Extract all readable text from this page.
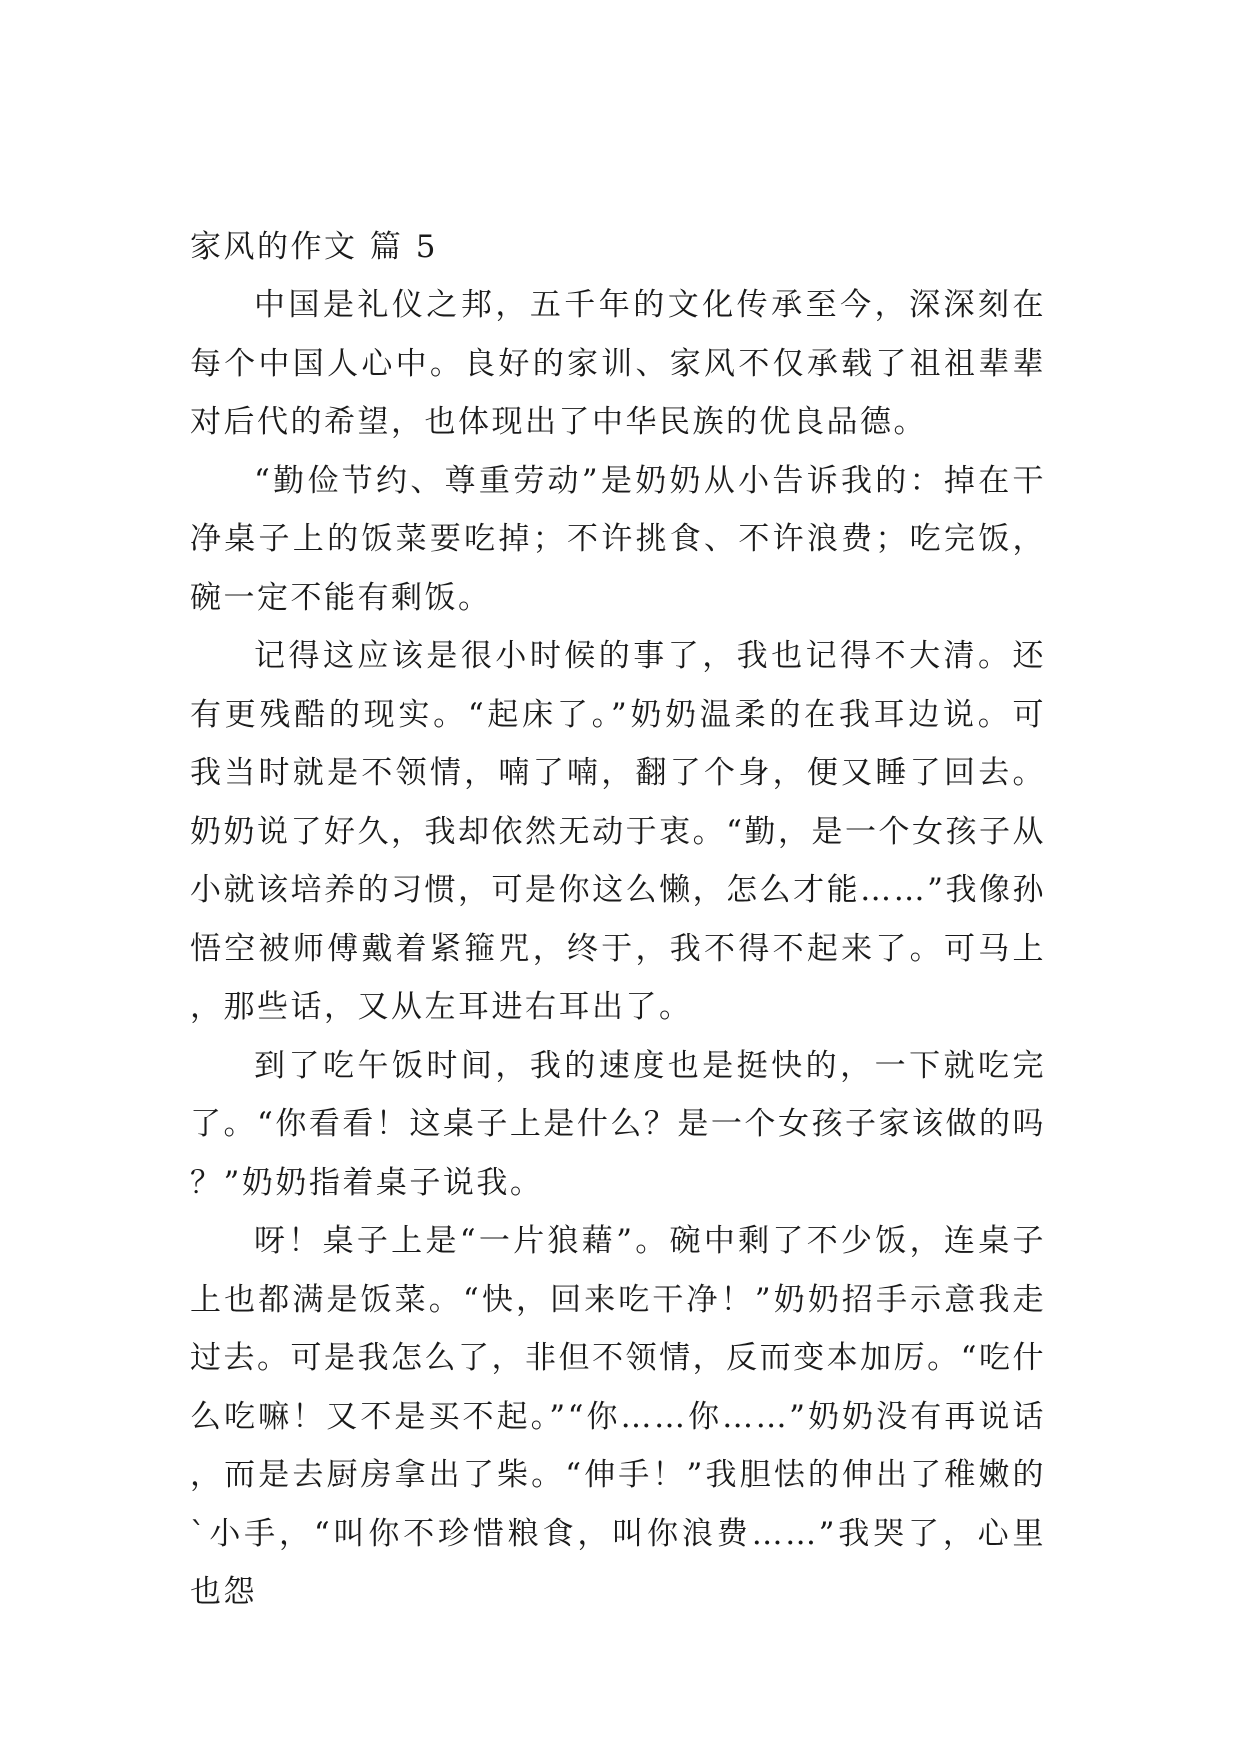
家风的作文 篇 5

中国是礼仪之邦，五千年的文化传承至今，深深刻在每个中国人心中。良好的家训、家风不仅承载了祖祖辈辈对后代的希望，也体现出了中华民族的优良品德。

“勤俭节约、尊重劳动”是奶奶从小告诉我的：掉在干净桌子上的饭菜要吃掉；不许挑食、不许浪费；吃完饭，碗一定不能有剩饭。

记得这应该是很小时候的事了，我也记得不大清。还有更残酷的现实。“起床了。”奶奶温柔的在我耳边说。可我当时就是不领情，喃了喃，翻了个身，便又睡了回去。奶奶说了好久，我却依然无动于衷。“勤，是一个女孩子从小就该培养的习惯，可是你这么懒，怎么才能……”我像孙悟空被师傅戴着紧箍咒，终于，我不得不起来了。可马上，那些话，又从左耳进右耳出了。

到了吃午饭时间，我的速度也是挺快的，一下就吃完了。“你看看！这桌子上是什么？是一个女孩子家该做的吗？”奶奶指着桌子说我。

呀！桌子上是“一片狼藉”。碗中剩了不少饭，连桌子上也都满是饭菜。“快，回来吃干净！”奶奶招手示意我走过去。可是我怎么了，非但不领情，反而变本加厉。“吃什么吃嘛！又不是买不起。”“你……你……”奶奶没有再说话，而是去厨房拿出了柴。“伸手！”我胆怯的伸出了稚嫩的`小手，“叫你不珍惜粮食，叫你浪费……”我哭了，心里也怨
